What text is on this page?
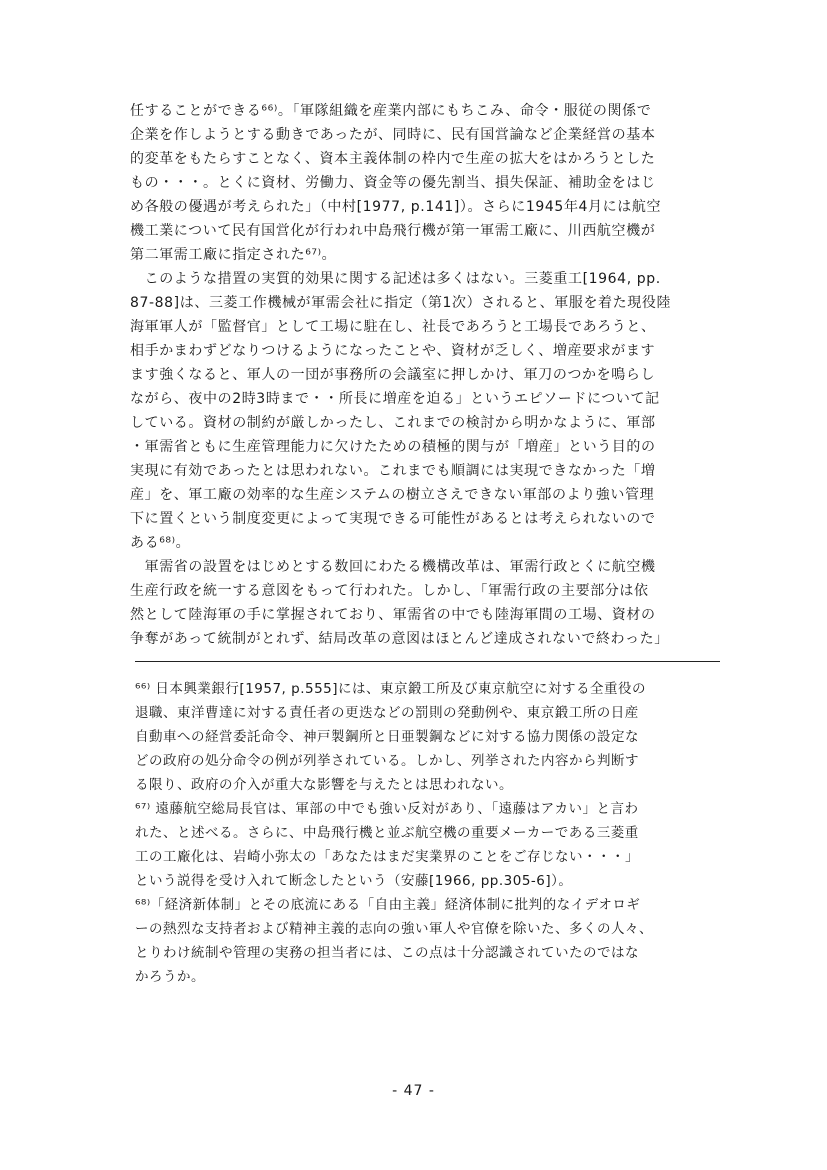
任することができる⁶⁶⁾。「軍隊組織を産業内部にもちこみ、命令・服従の関係で
企業を作しようとする動きであったが、同時に、民有国営論など企業経営の基本
的変革をもたらすことなく、資本主義体制の枠内で生産の拡大をはかろうとした
もの・・・。とくに資材、労働力、資金等の優先割当、損失保証、補助金をはじ
め各般の優遇が考えられた」（中村[1977, p.141]）。さらに1945年4月には航空
機工業について民有国営化が行われ中島飛行機が第一軍需工廠に、川西航空機が
第二軍需工廠に指定された⁶⁷⁾。
　このような措置の実質的効果に関する記述は多くはない。三菱重工[1964, pp.
87-88]は、三菱工作機械が軍需会社に指定（第1次）されると、軍服を着た現役陸
海軍軍人が「監督官」として工場に駐在し、社長であろうと工場長であろうと、
相手かまわずどなりつけるようになったことや、資材が乏しく、増産要求がます
ます強くなると、軍人の一団が事務所の会議室に押しかけ、軍刀のつかを鳴らし
ながら、夜中の2時3時まで・・所長に増産を迫る」というエピソードについて記
している。資材の制約が厳しかったし、これまでの検討から明かなように、軍部
・軍需省ともに生産管理能力に欠けたための積極的関与が「増産」という目的の
実現に有効であったとは思われない。これまでも順調には実現できなかった「増
産」を、軍工廠の効率的な生産システムの樹立さえできない軍部のより強い管理
下に置くという制度変更によって実現できる可能性があるとは考えられないので
ある⁶⁸⁾。
　軍需省の設置をはじめとする数回にわたる機構改革は、軍需行政とくに航空機
生産行政を統一する意図をもって行われた。しかし、「軍需行政の主要部分は依
然として陸海軍の手に掌握されており、軍需省の中でも陸海軍間の工場、資材の
争奪があって統制がとれず、結局改革の意図はほとんど達成されないで終わった」
⁶⁶⁾ 日本興業銀行[1957, p.555]には、東京鍛工所及び東京航空に対する全重役の
退職、東洋曹達に対する責任者の更迭などの罰則の発動例や、東京鍛工所の日産
自動車への経営委託命令、神戸製鋼所と日亜製鋼などに対する協力関係の設定な
どの政府の処分命令の例が列挙されている。しかし、列挙された内容から判断す
る限り、政府の介入が重大な影響を与えたとは思われない。
⁶⁷⁾ 遠藤航空総局長官は、軍部の中でも強い反対があり、「遠藤はアカい」と言わ
れた、と述べる。さらに、中島飛行機と並ぶ航空機の重要メーカーである三菱重
工の工廠化は、岩崎小弥太の「あなたはまだ実業界のことをご存じない・・・」
という説得を受け入れて断念したという（安藤[1966, pp.305-6]）。
⁶⁸⁾「経済新体制」とその底流にある「自由主義」経済体制に批判的なイデオロギ
ーの熱烈な支持者および精神主義的志向の強い軍人や官僚を除いた、多くの人々、
とりわけ統制や管理の実務の担当者には、この点は十分認識されていたのではな
かろうか。
- 47 -
